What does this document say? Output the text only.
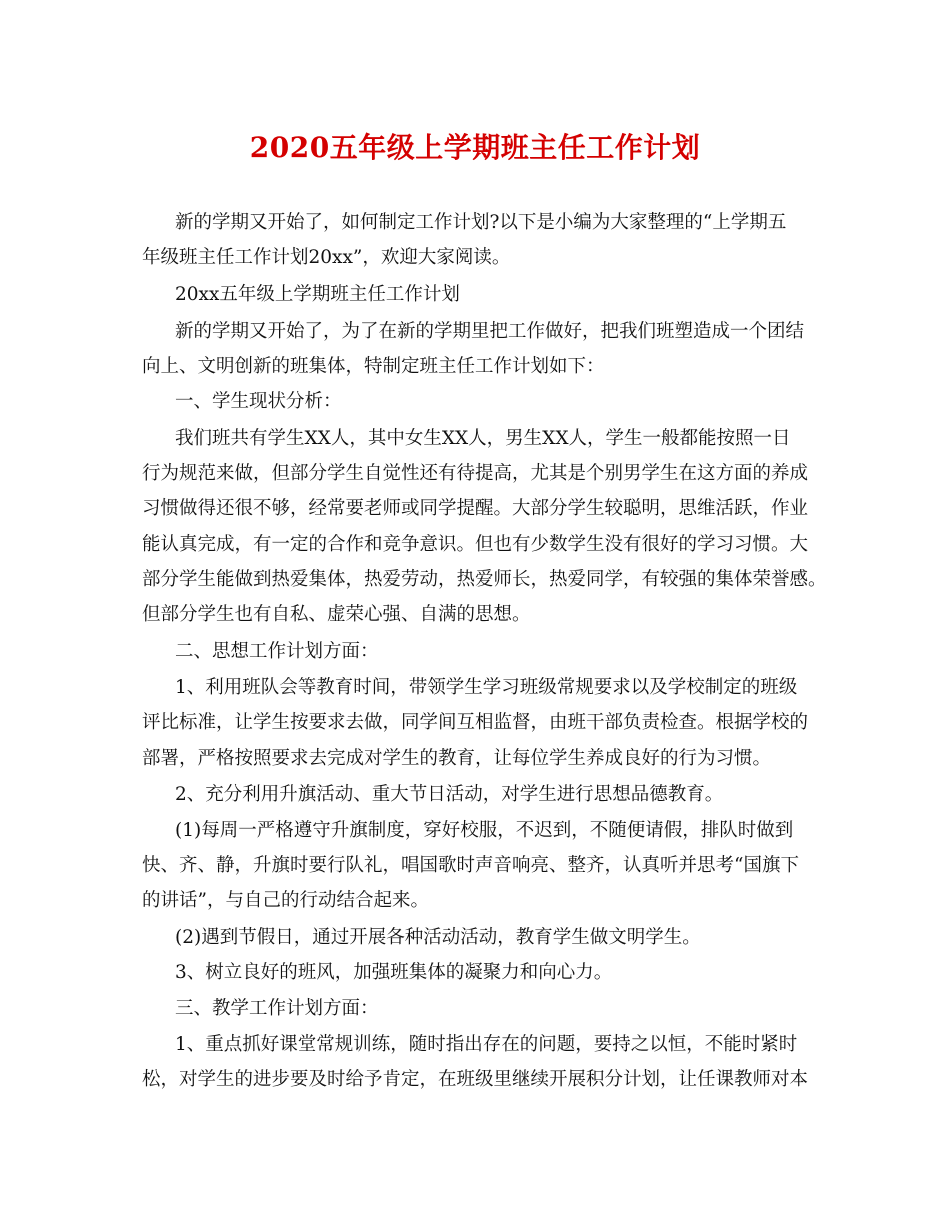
2020五年级上学期班主任工作计划
新的学期又开始了，如何制定工作计划?以下是小编为大家整理的“上学期五
年级班主任工作计划20xx”，欢迎大家阅读。
20xx五年级上学期班主任工作计划
新的学期又开始了，为了在新的学期里把工作做好，把我们班塑造成一个团结
向上、文明创新的班集体，特制定班主任工作计划如下：
一、学生现状分析：
我们班共有学生XX人，其中女生XX人，男生XX人，学生一般都能按照一日
行为规范来做，但部分学生自觉性还有待提高，尤其是个别男学生在这方面的养成
习惯做得还很不够，经常要老师或同学提醒。大部分学生较聪明，思维活跃，作业
能认真完成，有一定的合作和竞争意识。但也有少数学生没有很好的学习习惯。大
部分学生能做到热爱集体，热爱劳动，热爱师长，热爱同学，有较强的集体荣誉感。
但部分学生也有自私、虚荣心强、自满的思想。
二、思想工作计划方面：
1、利用班队会等教育时间，带领学生学习班级常规要求以及学校制定的班级
评比标准，让学生按要求去做，同学间互相监督，由班干部负责检查。根据学校的
部署，严格按照要求去完成对学生的教育，让每位学生养成良好的行为习惯。
2、充分利用升旗活动、重大节日活动，对学生进行思想品德教育。
(1)每周一严格遵守升旗制度，穿好校服，不迟到，不随便请假，排队时做到
快、齐、静，升旗时要行队礼，唱国歌时声音响亮、整齐，认真听并思考“国旗下
的讲话”，与自己的行动结合起来。
(2)遇到节假日，通过开展各种活动活动，教育学生做文明学生。
3、树立良好的班风，加强班集体的凝聚力和向心力。
三、教学工作计划方面：
1、重点抓好课堂常规训练，随时指出存在的问题，要持之以恒，不能时紧时
松，对学生的进步要及时给予肯定，在班级里继续开展积分计划，让任课教师对本
